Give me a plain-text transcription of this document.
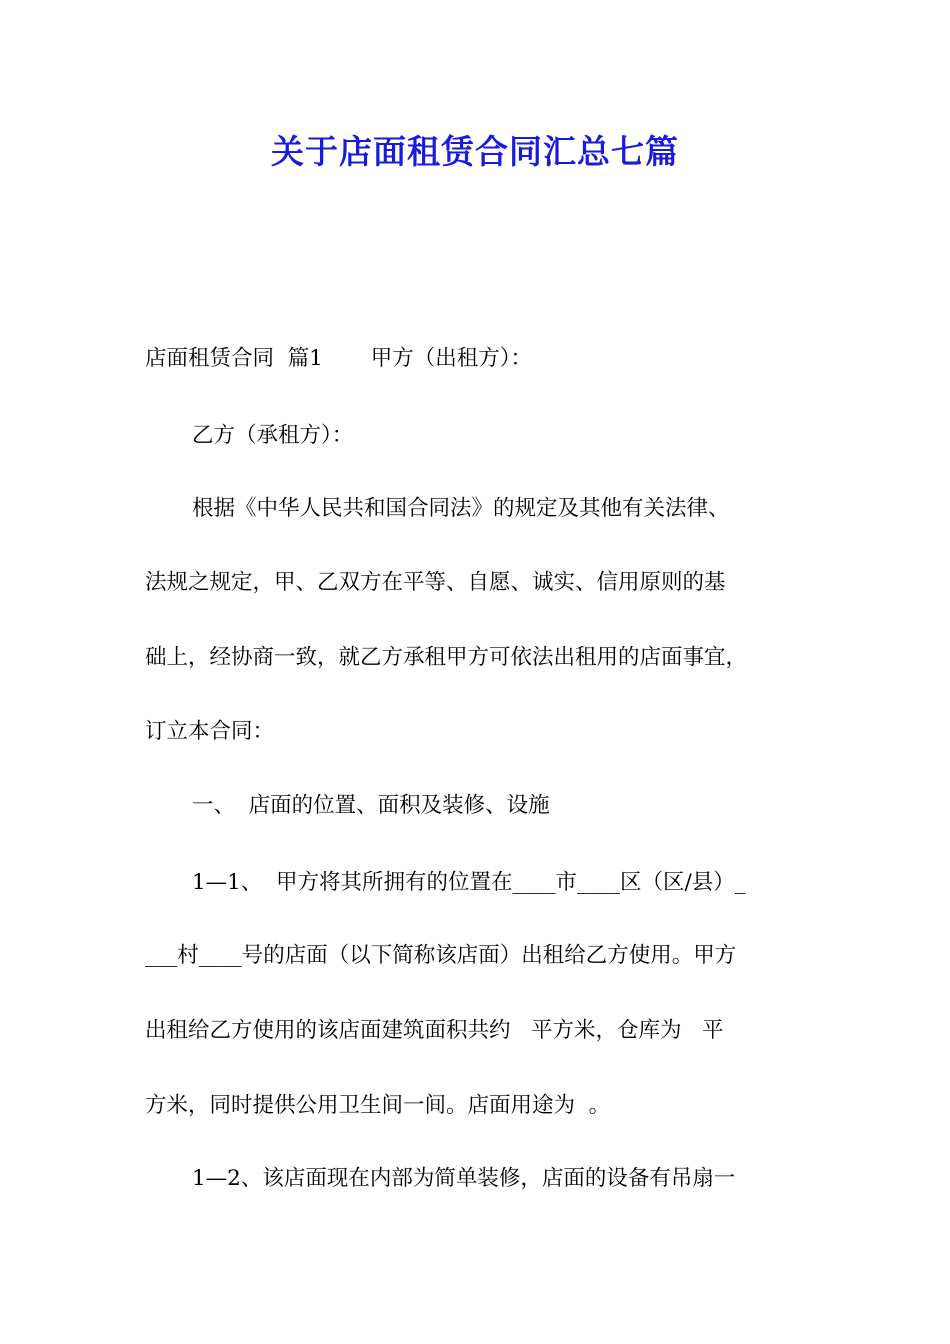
关于店面租赁合同汇总七篇
店面租赁合同  篇1       甲方（出租方）：
乙方（承租方）：
根据《中华人民共和国合同法》的规定及其他有关法律、
法规之规定，甲、乙双方在平等、自愿、诚实、信用原则的基
础上，经协商一致，就乙方承租甲方可依法出租用的店面事宜，
订立本合同：
一、  店面的位置、面积及装修、设施
1—1、  甲方将其所拥有的位置在____市____区（区/县）_
___村____号的店面（以下简称该店面）出租给乙方使用。甲方
出租给乙方使用的该店面建筑面积共约   平方米，仓库为   平
方米，同时提供公用卫生间一间。店面用途为  。
1—2、该店面现在内部为简单装修，店面的设备有吊扇一
